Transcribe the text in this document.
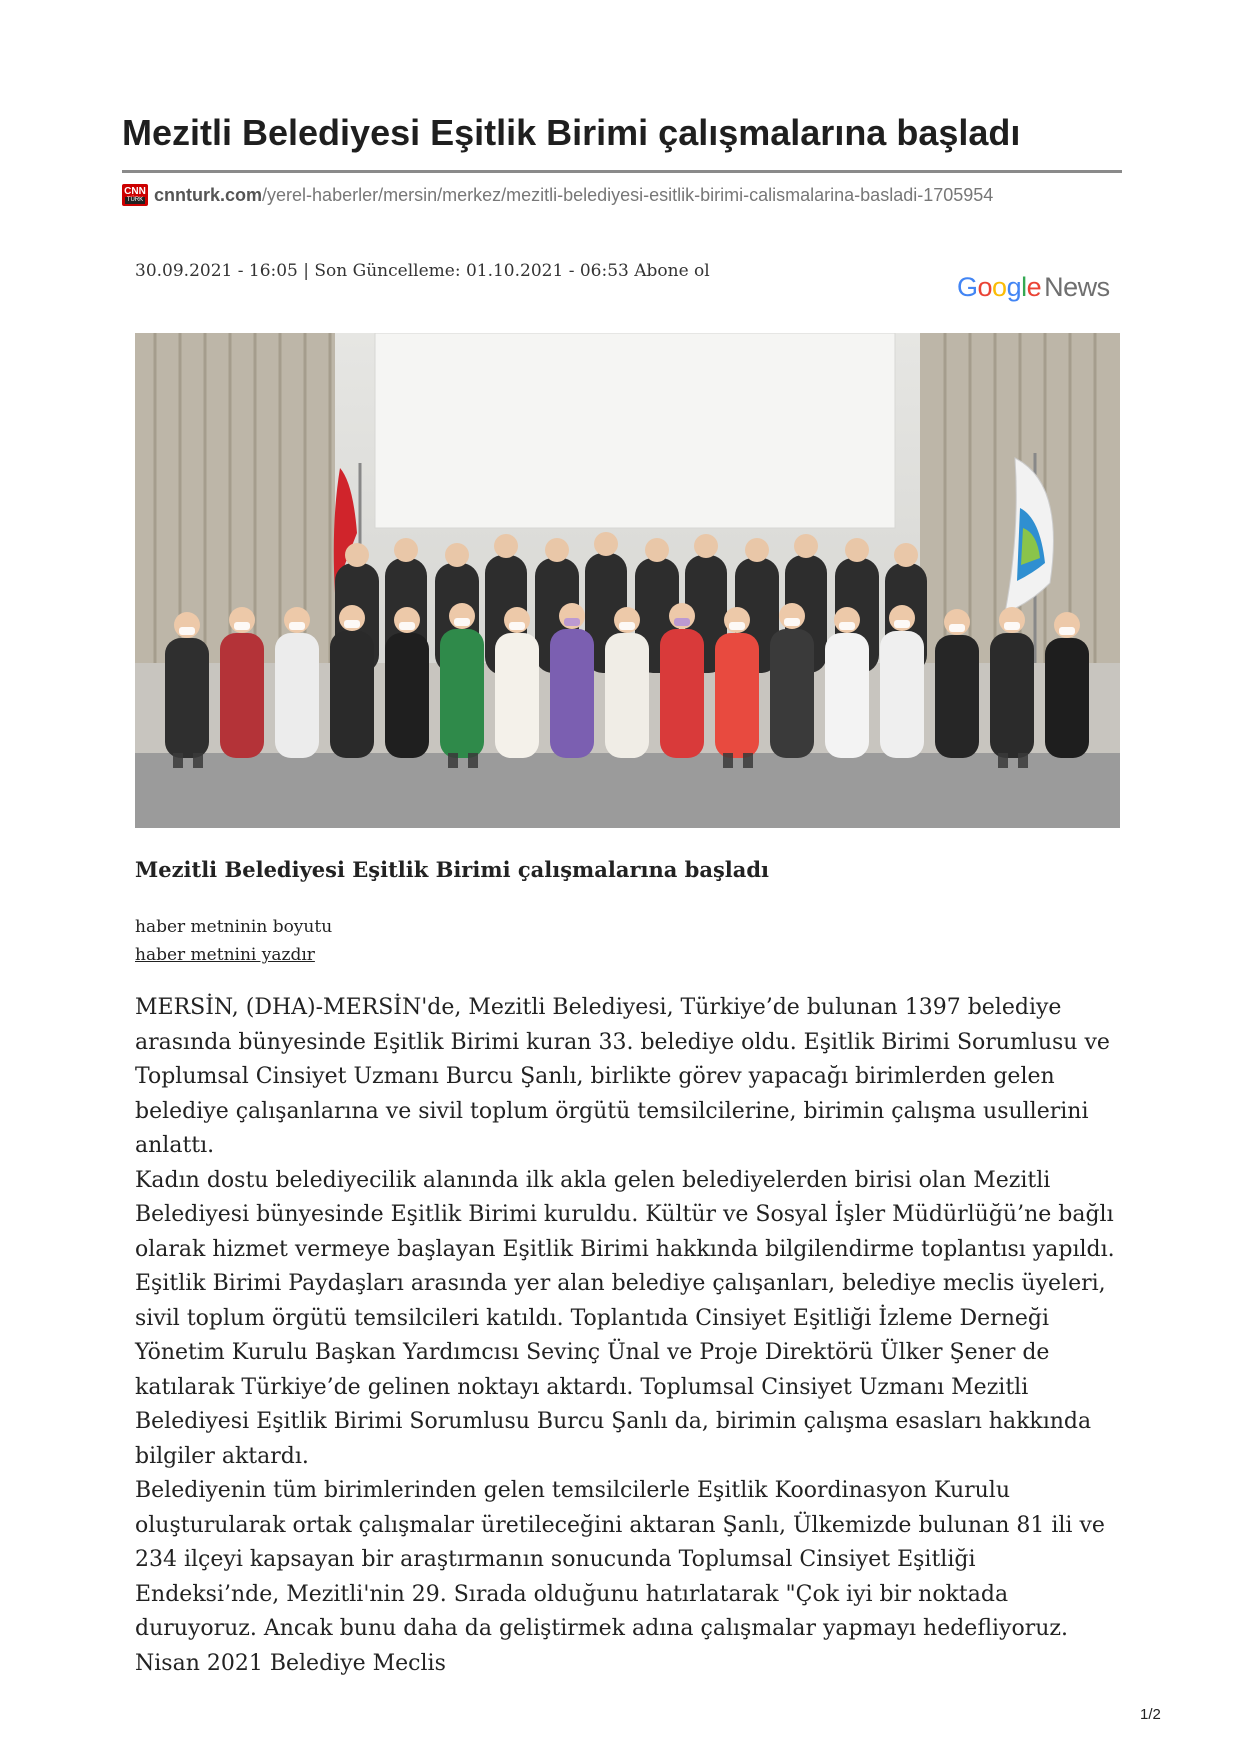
Mezitli Belediyesi Eşitlik Birimi çalışmalarına başladı
CNN
TÜRK cnnturk.com /yerel-haberler/mersin/merkez/mezitli-belediyesi-esitlik-birimi-calismalarina-basladi-1705954
30.09.2021 - 16:05 | Son Güncelleme: 01.10.2021 - 06:53 Abone ol
Google News
Mezitli Belediyesi Eşitlik Birimi çalışmalarına başladı
haber metninin boyutu
haber metnini yazdır

MERSİN, (DHA)-MERSİN'de, Mezitli Belediyesi, Türkiye’de bulunan 1397 belediye arasında bünyesinde Eşitlik Birimi kuran 33. belediye oldu. Eşitlik Birimi Sorumlusu ve Toplumsal Cinsiyet Uzmanı Burcu Şanlı, birlikte görev yapacağı birimlerden gelen belediye çalışanlarına ve sivil toplum örgütü temsilcilerine, birimin çalışma usullerini anlattı.

Kadın dostu belediyecilik alanında ilk akla gelen belediyelerden birisi olan Mezitli Belediyesi bünyesinde Eşitlik Birimi kuruldu. Kültür ve Sosyal İşler Müdürlüğü’ne bağlı olarak hizmet vermeye başlayan Eşitlik Birimi hakkında bilgilendirme toplantısı yapıldı. Eşitlik Birimi Paydaşları arasında yer alan belediye çalışanları, belediye meclis üyeleri, sivil toplum örgütü temsilcileri katıldı. Toplantıda Cinsiyet Eşitliği İzleme Derneği Yönetim Kurulu Başkan Yardımcısı Sevinç Ünal ve Proje Direktörü Ülker Şener de katılarak Türkiye’de gelinen noktayı aktardı. Toplumsal Cinsiyet Uzmanı Mezitli Belediyesi Eşitlik Birimi Sorumlusu Burcu Şanlı da, birimin çalışma esasları hakkında bilgiler aktardı.

Belediyenin tüm birimlerinden gelen temsilcilerle Eşitlik Koordinasyon Kurulu oluşturularak ortak çalışmalar üretileceğini aktaran Şanlı, Ülkemizde bulunan 81 ili ve 234 ilçeyi kapsayan bir araştırmanın sonucunda Toplumsal Cinsiyet Eşitliği Endeksi’nde, Mezitli'nin 29. Sırada olduğunu hatırlatarak "Çok iyi bir noktada duruyoruz. Ancak bunu daha da geliştirmek adına çalışmalar yapmayı hedefliyoruz. Nisan 2021 Belediye Meclis

1/2
